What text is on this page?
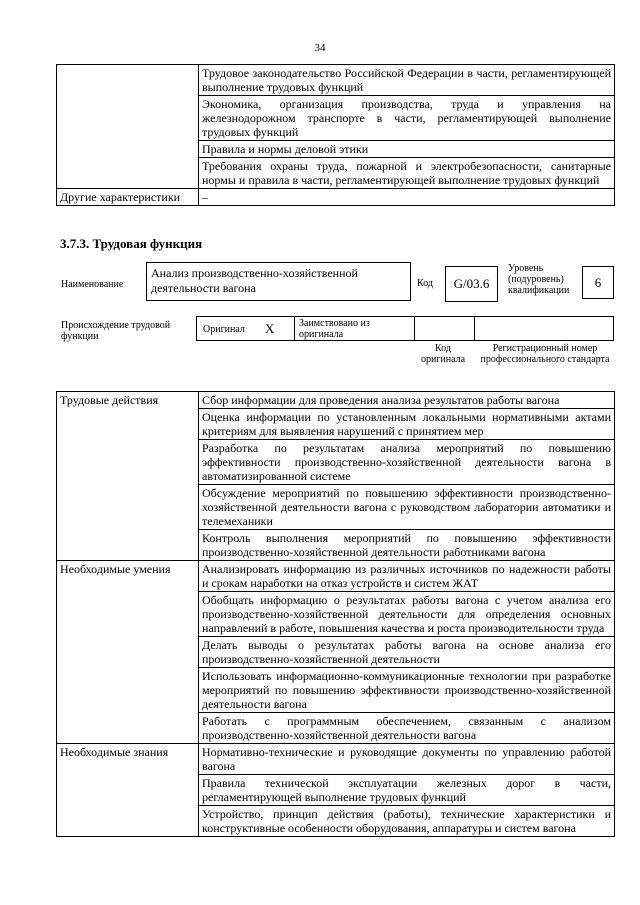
34
	Трудовое законодательство Российской Федерации в части, регламентирующей выполнение трудовых функций
	Экономика, организация производства, труда и управления на железнодорожном транспорте в части, регламентирующей выполнение трудовых функций
	Правила и нормы деловой этики
	Требования охраны труда, пожарной и электробезопасности, санитарные нормы и правила в части, регламентирующей выполнение трудовых функций
Другие характеристики	–
3.7.3. Трудовая функция
Наименование
Анализ производственно-хозяйственной деятельности вагона	Код	G/03.6
Уровень (подуровень) квалификации
6
Происхождение трудовой функции
Оригинал X Заимствовано из оригинала
Код оригинала
Регистрационный номер профессионального стандарта
Трудовые действия	Сбор информации для проведения анализа результатов работы вагона
	Оценка информации по установленным локальными нормативными актами критериям для выявления нарушений с принятием мер
	Разработка по результатам анализа мероприятий по повышению эффективности производственно-хозяйственной деятельности вагона в автоматизированной системе
	Обсуждение мероприятий по повышению эффективности производственно-хозяйственной деятельности вагона с руководством лаборатории автоматики и телемеханики
	Контроль выполнения мероприятий по повышению эффективности производственно-хозяйственной деятельности работниками вагона
Необходимые умения	Анализировать информацию из различных источников по надежности работы и срокам наработки на отказ устройств и систем ЖАТ
	Обобщать информацию о результатах работы вагона с учетом анализа его производственно-хозяйственной деятельности для определения основных направлений в работе, повышения качества и роста производительности труда
	Делать выводы о результатах работы вагона на основе анализа его производственно-хозяйственной деятельности
	Использовать информационно-коммуникационные технологии при разработке мероприятий по повышению эффективности производственно-хозяйственной деятельности вагона
	Работать с программным обеспечением, связанным с анализом производственно-хозяйственной деятельности вагона
Необходимые знания	Нормативно-технические и руководящие документы по управлению работой вагона
	Правила технической эксплуатации железных дорог в части, регламентирующей выполнение трудовых функций
	Устройство, принцип действия (работы), технические характеристики и конструктивные особенности оборудования, аппаратуры и систем вагона
